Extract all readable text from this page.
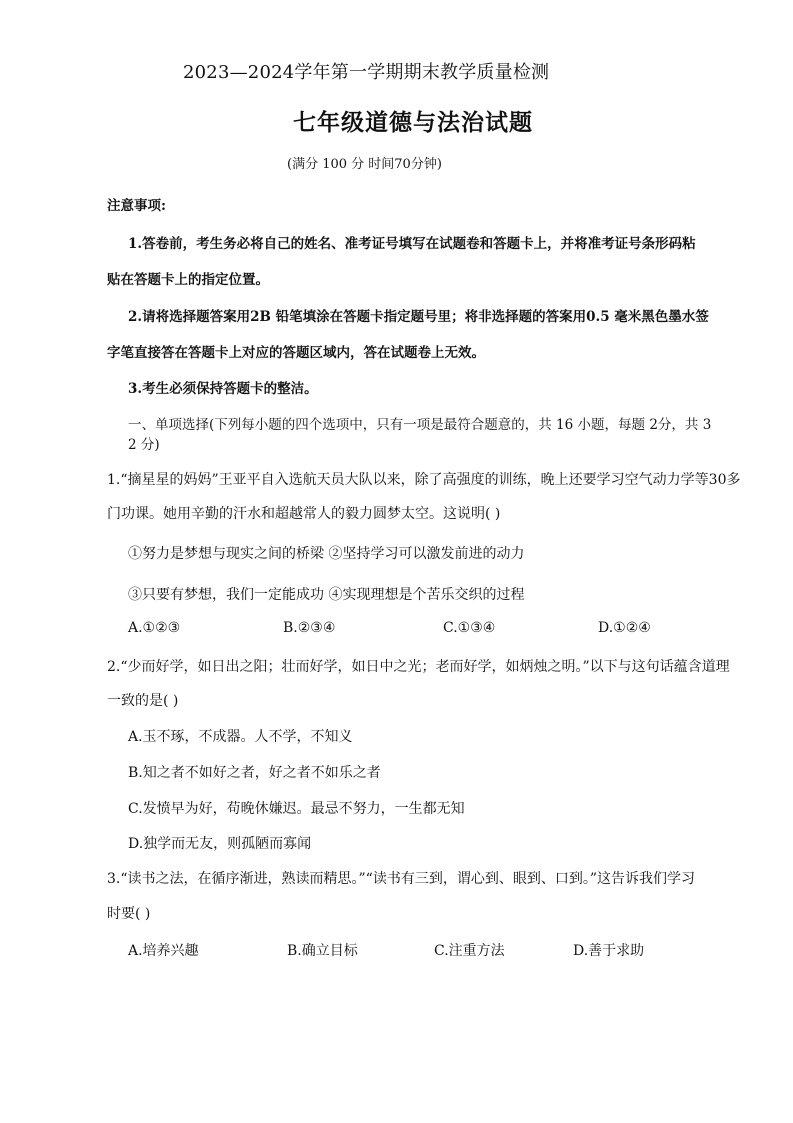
2023—2024学年第一学期期末教学质量检测
七年级道德与法治试题
(满分 100 分 时间70分钟)
注意事项:
1.答卷前，考生务必将自己的姓名、准考证号填写在试题卷和答题卡上，并将准考证号条形码粘
贴在答题卡上的指定位置。
2.请将选择题答案用2B 铅笔填涂在答题卡指定题号里；将非选择题的答案用0.5 毫米黑色墨水签
字笔直接答在答题卡上对应的答题区域内，答在试题卷上无效。
3.考生必须保持答题卡的整洁。
一、单项选择(下列每小题的四个选项中，只有一项是最符合题意的，共 16 小题，每题 2分，共 3
2 分)
1.“摘星星的妈妈”王亚平自入选航天员大队以来，除了高强度的训练，晚上还要学习空气动力学等30多
门功课。她用辛勤的汗水和超越常人的毅力圆梦太空。这说明( )
①努力是梦想与现实之间的桥梁 ②坚持学习可以激发前进的动力
③只要有梦想，我们一定能成功 ④实现理想是个苦乐交织的过程
A.①②③	B.②③④	C.①③④	D.①②④
2.“少而好学，如日出之阳；壮而好学，如日中之光；老而好学，如炳烛之明。”以下与这句话蕴含道理
一致的是( )
A.玉不琢，不成器。人不学，不知义
B.知之者不如好之者，好之者不如乐之者
C.发愤早为好，苟晚休嫌迟。最忌不努力，一生都无知
D.独学而无友，则孤陋而寡闻
3.“读书之法，在循序渐进，熟读而精思。”“读书有三到，谓心到、眼到、口到。”这告诉我们学习
时要( )
A.培养兴趣	B.确立目标	C.注重方法	D.善于求助
